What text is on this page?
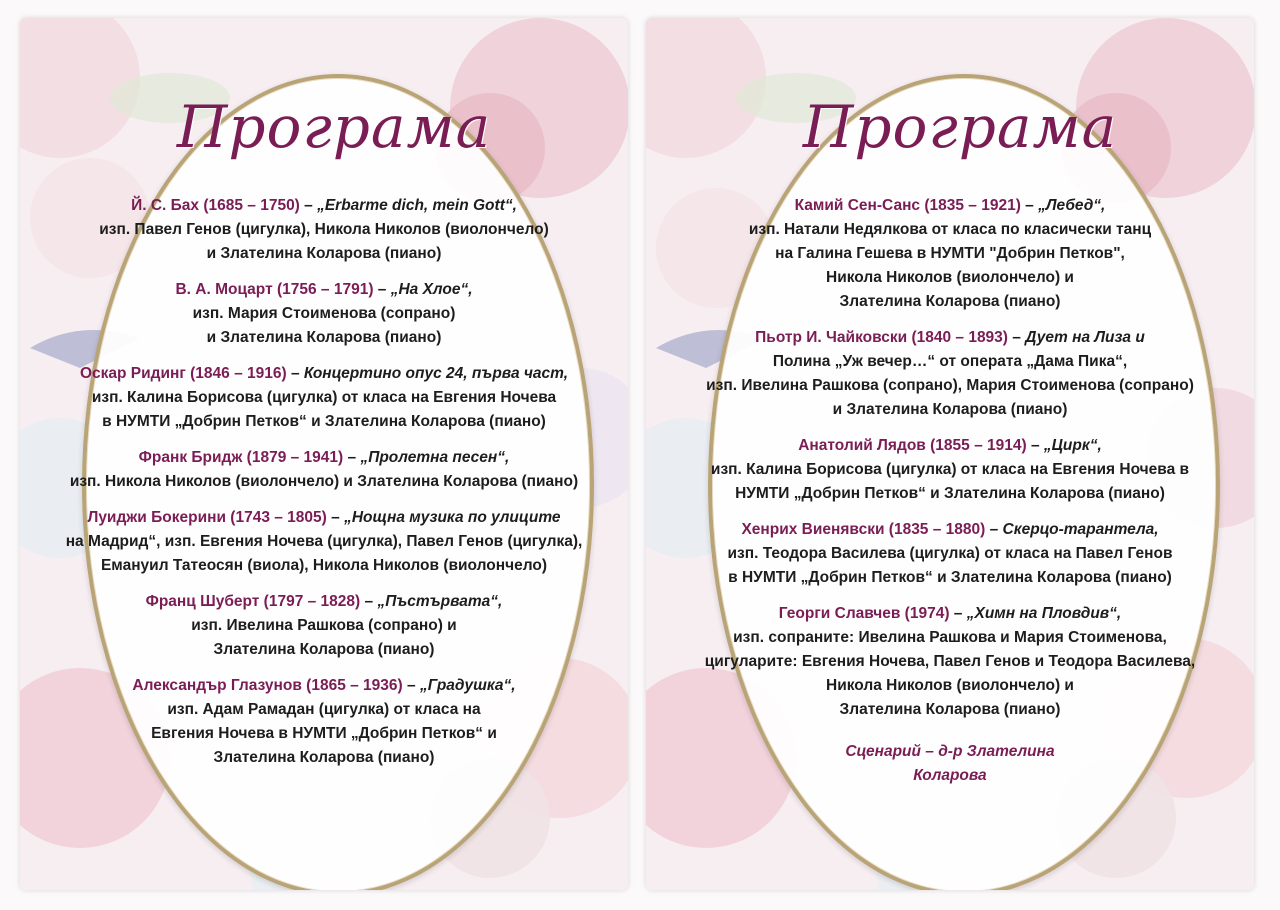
Програма
Й. С. Бах (1685 – 1750) – „Erbarme dich, mein Gott“,
изп. Павел Генов (цигулка), Никола Николов (виолончело)
и Злателина Коларова (пиано)
В. А. Моцарт (1756 – 1791) – „На Хлое“,
изп. Мария Стоименова (сопрано)
и Злателина Коларова (пиано)
Оскар Ридинг (1846 – 1916) – Концертино опус 24, първа част,
изп. Калина Борисова (цигулка) от класа на Евгения Ночева
в НУМТИ „Добрин Петков“ и Злателина Коларова (пиано)
Франк Бридж (1879 – 1941) – „Пролетна песен“,
изп. Никола Николов (виолончело) и Злателина Коларова (пиано)
Луиджи Бокерини (1743 – 1805) – „Нощна музика по улиците
на Мадрид“, изп. Евгения Ночева (цигулка), Павел Генов (цигулка),
Емануил Татеосян (виола), Никола Николов (виолончело)
Франц Шуберт (1797 – 1828) – „Пъстървата“,
изп. Ивелина Рашкова (сопрано) и
Злателина Коларова (пиано)
Александър Глазунов (1865 – 1936) – „Градушка“,
изп. Адам Рамадан (цигулка) от класа на
Евгения Ночева в НУМТИ „Добрин Петков“ и
Злателина Коларова (пиано)
Програма
Камий Сен-Санс (1835 – 1921) – „Лебед“,
изп. Натали Недялкова от класа по класически танц
на Галина Гешева в НУМТИ "Добрин Петков",
Никола Николов (виолончело) и
Злателина Коларова (пиано)
Пьотр И. Чайковски (1840 – 1893) – Дует на Лиза и
Полина „Уж вечер…“ от операта „Дама Пика“,
изп. Ивелина Рашкова (сопрано), Мария Стоименова (сопрано)
и Злателина Коларова (пиано)
Анатолий Лядов (1855 – 1914) – „Цирк“,
изп. Калина Борисова (цигулка) от класа на Евгения Ночева в
НУМТИ „Добрин Петков“ и Злателина Коларова (пиано)
Хенрих Виенявски (1835 – 1880) – Скерцо-тарантела,
изп. Теодора Василева (цигулка) от класа на Павел Генов
в НУМТИ „Добрин Петков“ и Злателина Коларова (пиано)
Георги Славчев (1974) – „Химн на Пловдив“,
изп. сопраните: Ивелина Рашкова и Мария Стоименова,
цигуларите: Евгения Ночева, Павел Генов и Теодора Василева,
Никола Николов (виолончело) и
Злателина Коларова (пиано)
Сценарий – д-р Злателина
Коларова
